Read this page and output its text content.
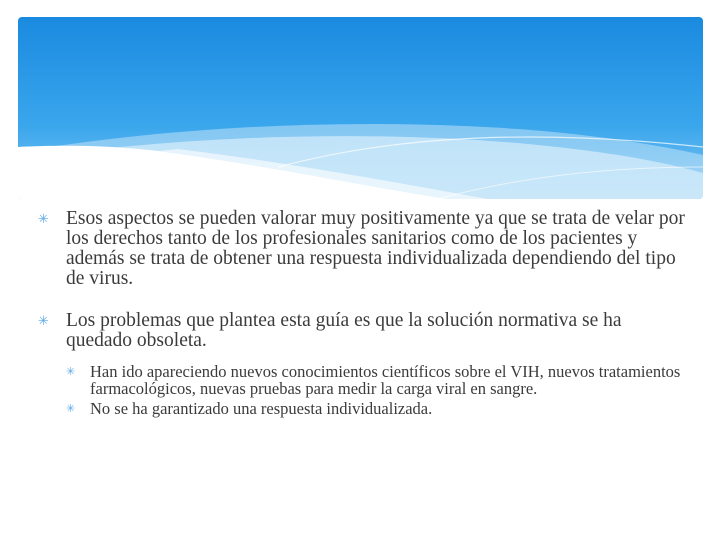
✳ Esos aspectos se pueden valorar muy positivamente ya que se trata de velar por los derechos tanto de los profesionales sanitarios como de los pacientes y además se trata de obtener una respuesta individualizada dependiendo del tipo de virus.
✳ Los problemas que plantea esta guía es que la solución normativa se ha quedado obsoleta.
✳ Han ido apareciendo nuevos conocimientos científicos sobre el VIH, nuevos tratamientos farmacológicos, nuevas pruebas para medir la carga viral en sangre.
✳ No se ha garantizado una respuesta individualizada.
